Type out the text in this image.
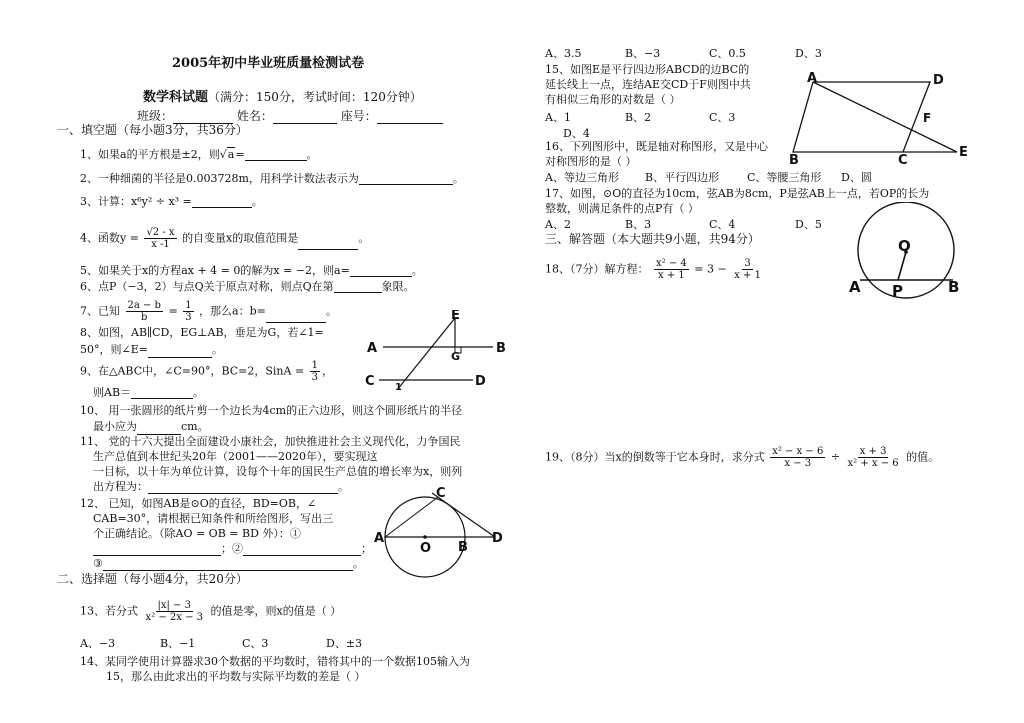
2005年初中毕业班质量检测试卷
数学科试题（满分：150分，考试时间：120分钟）
班级：	姓名：	座号：
一、填空题（每小题3分，共36分）
1、如果a的平方根是±2，则√a=	。
2、一种细菌的半径是0.003728m，用科学计数法表示为	。
3、计算：x⁶y² ÷ x³ =	。
4、函数$y = \frac{√2 - x}{x -1}$ 的自变量x的取值范围是	。
5、如果关于x的方程ax + 4 = 0的解为x = −2，则a=	。
6、点P（−3，2）与点Q关于原点对称，则点Q在第	象限。
7、已知 $\frac{2a - b}{b} = \frac{1}{3}$ ，那么a：b=	。
8、如图，AB∥CD，EG⊥AB，垂足为G，若∠1=
50°，则∠E=	。
9、在△ABC中，∠C=90°，BC=2，SinA = $\frac{1}{3}$ ，
则AB＝	。
10、 用一张圆形的纸片剪一个边长为4cm的正六边形，则这个圆形纸片的半径
最小应为	cm。
11、 党的十六大提出全面建设小康社会，加快推进社会主义现代化，力争国民
生产总值到本世纪头20年（2001——2020年），要实现这
一目标，以十年为单位计算，设每个十年的国民生产总值的增长率为x，则列
出方程为：	。
12、 已知，如图AB是⊙O的直径，BD=OB，∠
CAB=30°，请根据已知条件和所给图形，写出三
个正确结论。（除AO = OB = BD 外）：①
；②	；
③	。
二、选择题（每小题4分，共20分）
13、若分式 $\frac{|x| - 3}{\text{x² − 2x − 3}}$ 的值是零，则x的值是（ ）
A、−3	B、−1	C、3	D、±3
14、某同学使用计算器求30个数据的平均数时，错将其中的一个数据105输入为
15，那么由此求出的平均数与实际平均数的差是（ ）
A、3.5	B、−3	C、0.5	D、3
15、如图E是平行四边形ABCD的边BC的
延长线上一点，连结AE交CD于F则图中共
有相似三角形的对数是（ ）
A、1	B、2	C、3
D、4
16、下列图形中，既是轴对称图形，又是中心
对称图形的是（ ）
A、等边三角形 B、平行四边形	C、等腰三角形 D、圆
17、如图，⊙O的直径为10cm，弦AB为8cm，P是弦AB上一点，若OP的长为
整数，则满足条件的点P有（ ）
A、2	B、3	C、4	D、5
三、解答题（本大题共9小题，共94分）
18、（7分）解方程： $\frac{\text{x² − 4}}{x + 1} = 3 - \frac{3}{x + 1}$
19、（8分）当x的倒数等于它本身时，求分式 $\frac{\text{x² − x − 6}}{x - 3} \div \frac{x + 3}{\text{x² + x − 6}}$ 的值。
A	B
C	D
E
G
1
A
O B
C
D
A	D
F
B	C
E
O
A P	B
